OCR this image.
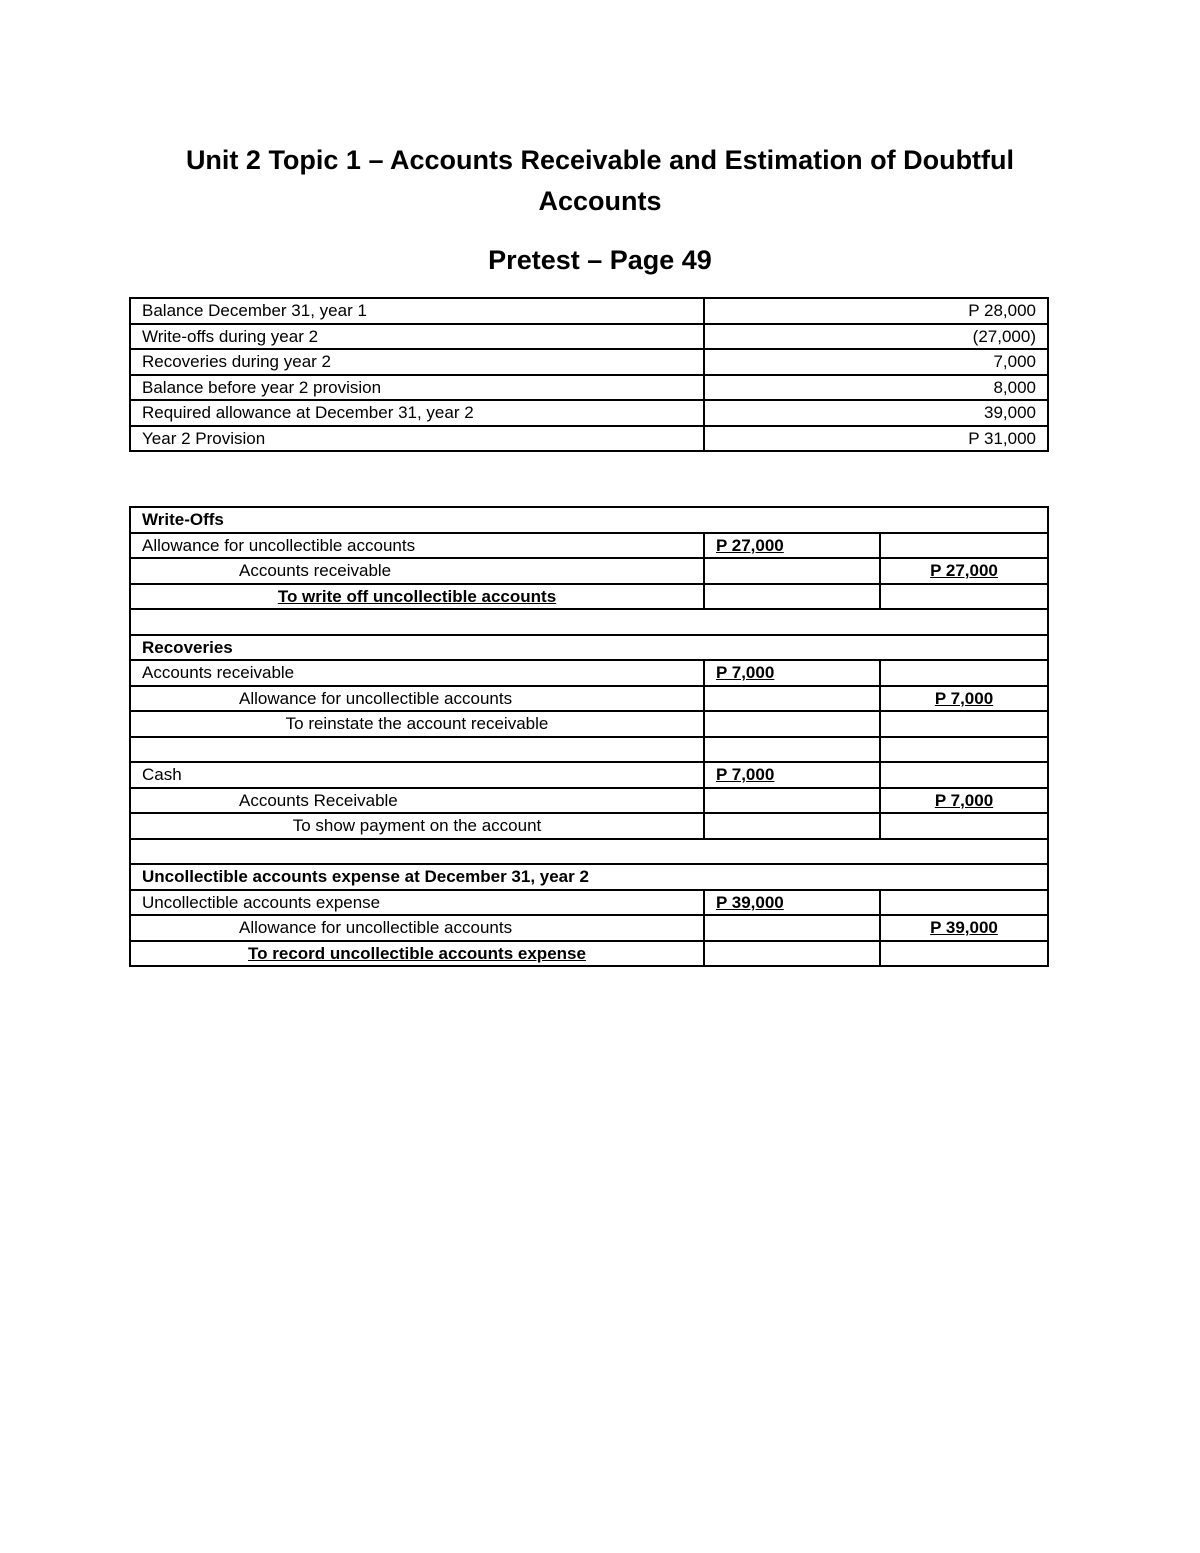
Unit 2 Topic 1 – Accounts Receivable and Estimation of Doubtful
Accounts
Pretest – Page 49
Balance December 31, year 1	P 28,000
Write-offs during year 2	(27,000)
Recoveries during year 2	7,000
Balance before year 2 provision	8,000
Required allowance at December 31, year 2	39,000
Year 2 Provision	P 31,000
Write-Offs		
Allowance for uncollectible accounts	P 27,000	
Accounts receivable		P 27,000
To write off uncollectible accounts		

Recoveries		
Accounts receivable	P 7,000	
Allowance for uncollectible accounts		P 7,000
To reinstate the account receivable		

Cash	P 7,000	
Accounts Receivable		P 7,000
To show payment on the account		

Uncollectible accounts expense at December 31, year 2		
Uncollectible accounts expense	P 39,000	
Allowance for uncollectible accounts		P 39,000
To record uncollectible accounts expense		
